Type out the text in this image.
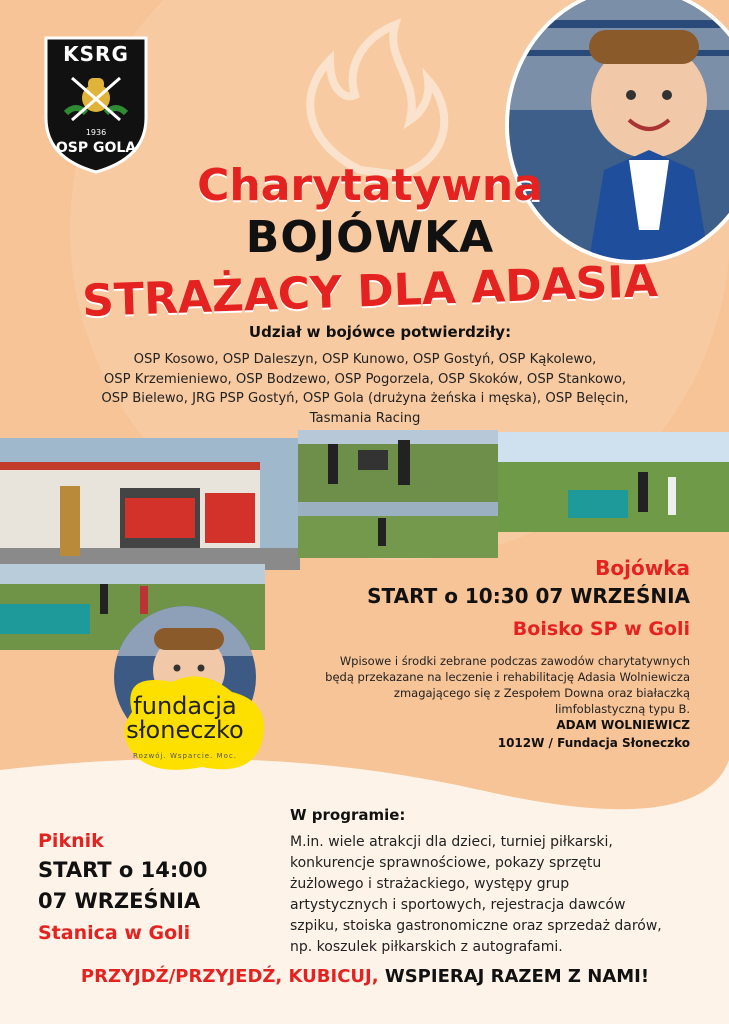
KSRG
1936
OSP GOLA
Charytatywna
BOJÓWKA
STRAŻACY DLA ADASIA
Udział w bojówce potwierdziły:
OSP Kosowo, OSP Daleszyn, OSP Kunowo, OSP Gostyń, OSP Kąkolewo,
OSP Krzemieniewo, OSP Bodzewo, OSP Pogorzela, OSP Skoków, OSP Stankowo,
OSP Bielewo, JRG PSP Gostyń, OSP Gola (drużyna żeńska i męska), OSP Belęcin,
Tasmania Racing
fundacja
słoneczko
Rozwój. Wsparcie. Moc.
Bojówka
START o 10:30 07 WRZEŚNIA
Boisko SP w Goli
Wpisowe i środki zebrane podczas zawodów charytatywnych
będą przekazane na leczenie i rehabilitację Adasia Wolniewicza
zmagającego się z Zespołem Downa oraz białaczką
limfoblastyczną typu B.
ADAM WOLNIEWICZ
1012W / Fundacja Słoneczko
Piknik
START o 14:00
07 WRZEŚNIA
Stanica w Goli
W programie:
M.in. wiele atrakcji dla dzieci, turniej piłkarski,
konkurencje sprawnościowe, pokazy sprzętu
żużlowego i strażackiego, występy grup
artystycznych i sportowych, rejestracja dawców
szpiku, stoiska gastronomiczne oraz sprzedaż darów,
np. koszulek piłkarskich z autografami.
PRZYJDŹ/PRZYJEDŹ, KUBICUJ, WSPIERAJ RAZEM Z NAMI!
